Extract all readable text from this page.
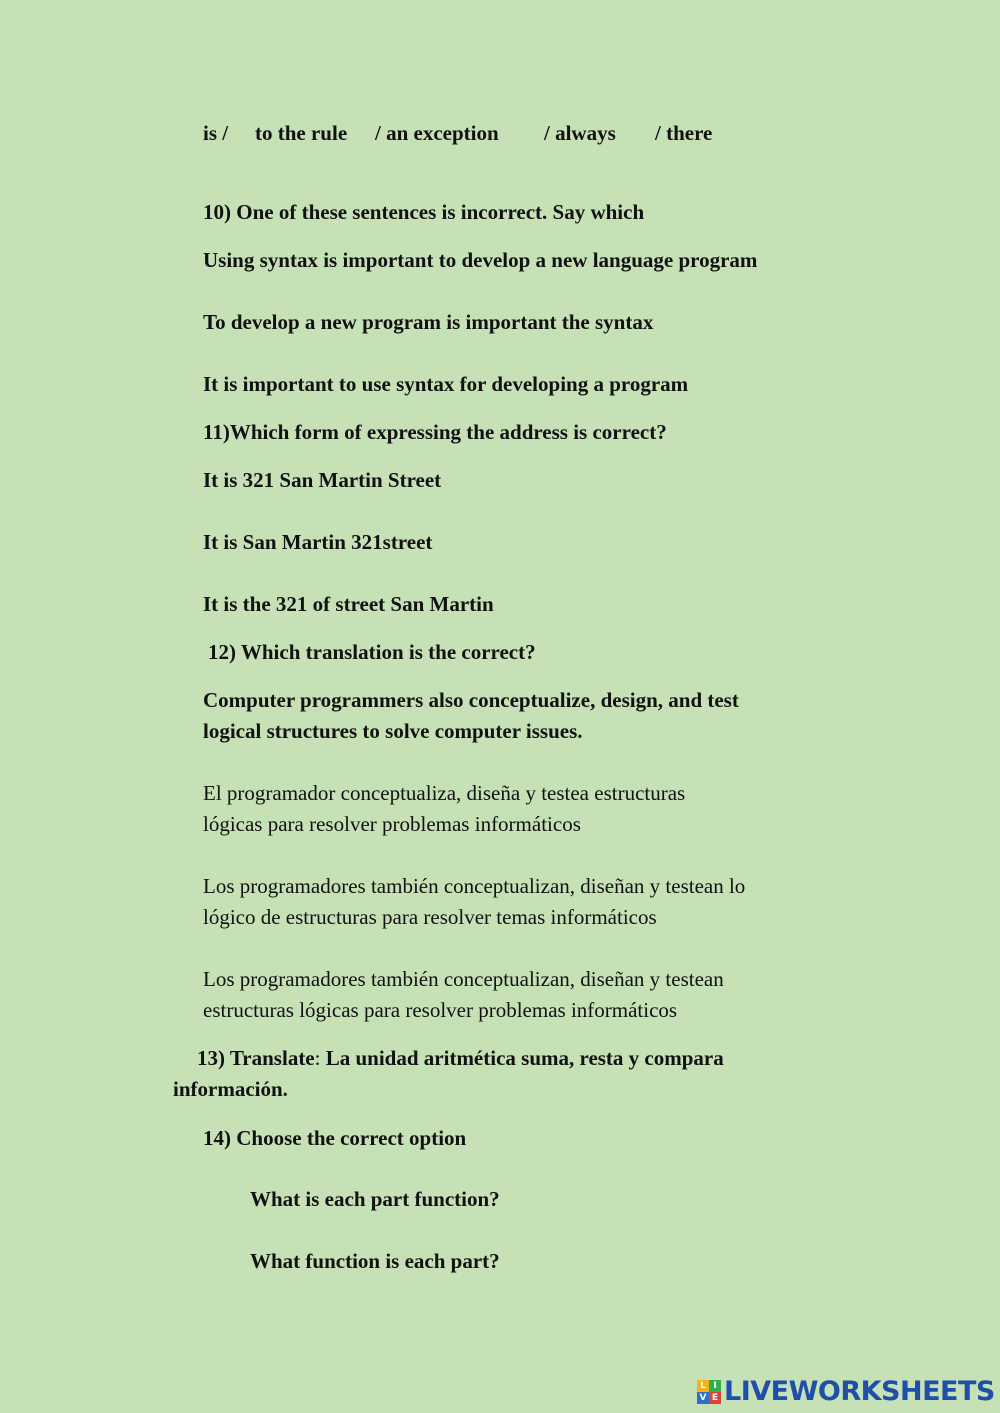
is / to the rule / an exception / always / there
10) One of these sentences is incorrect. Say which
Using syntax is important to develop a new language program
To develop a new program is important the syntax
It is important to use syntax for developing a program
11)Which form of expressing the address is correct?
It is 321 San Martin Street
It is San Martin 321street
It is the 321 of street San Martin
12) Which translation is the correct?
Computer programmers also conceptualize, design, and test
logical structures to solve computer issues.
El programador conceptualiza, diseña y testea estructuras
lógicas para resolver problemas informáticos
Los programadores también conceptualizan, diseñan y testean lo
lógico de estructuras para resolver temas informáticos
Los programadores también conceptualizan, diseñan y testean
estructuras lógicas para resolver problemas informáticos
13) Translate: La unidad aritmética suma, resta y compara
información.
14) Choose the correct option
What is each part function?
What function is each part?
L I
V E LIVEWORKSHEETS
